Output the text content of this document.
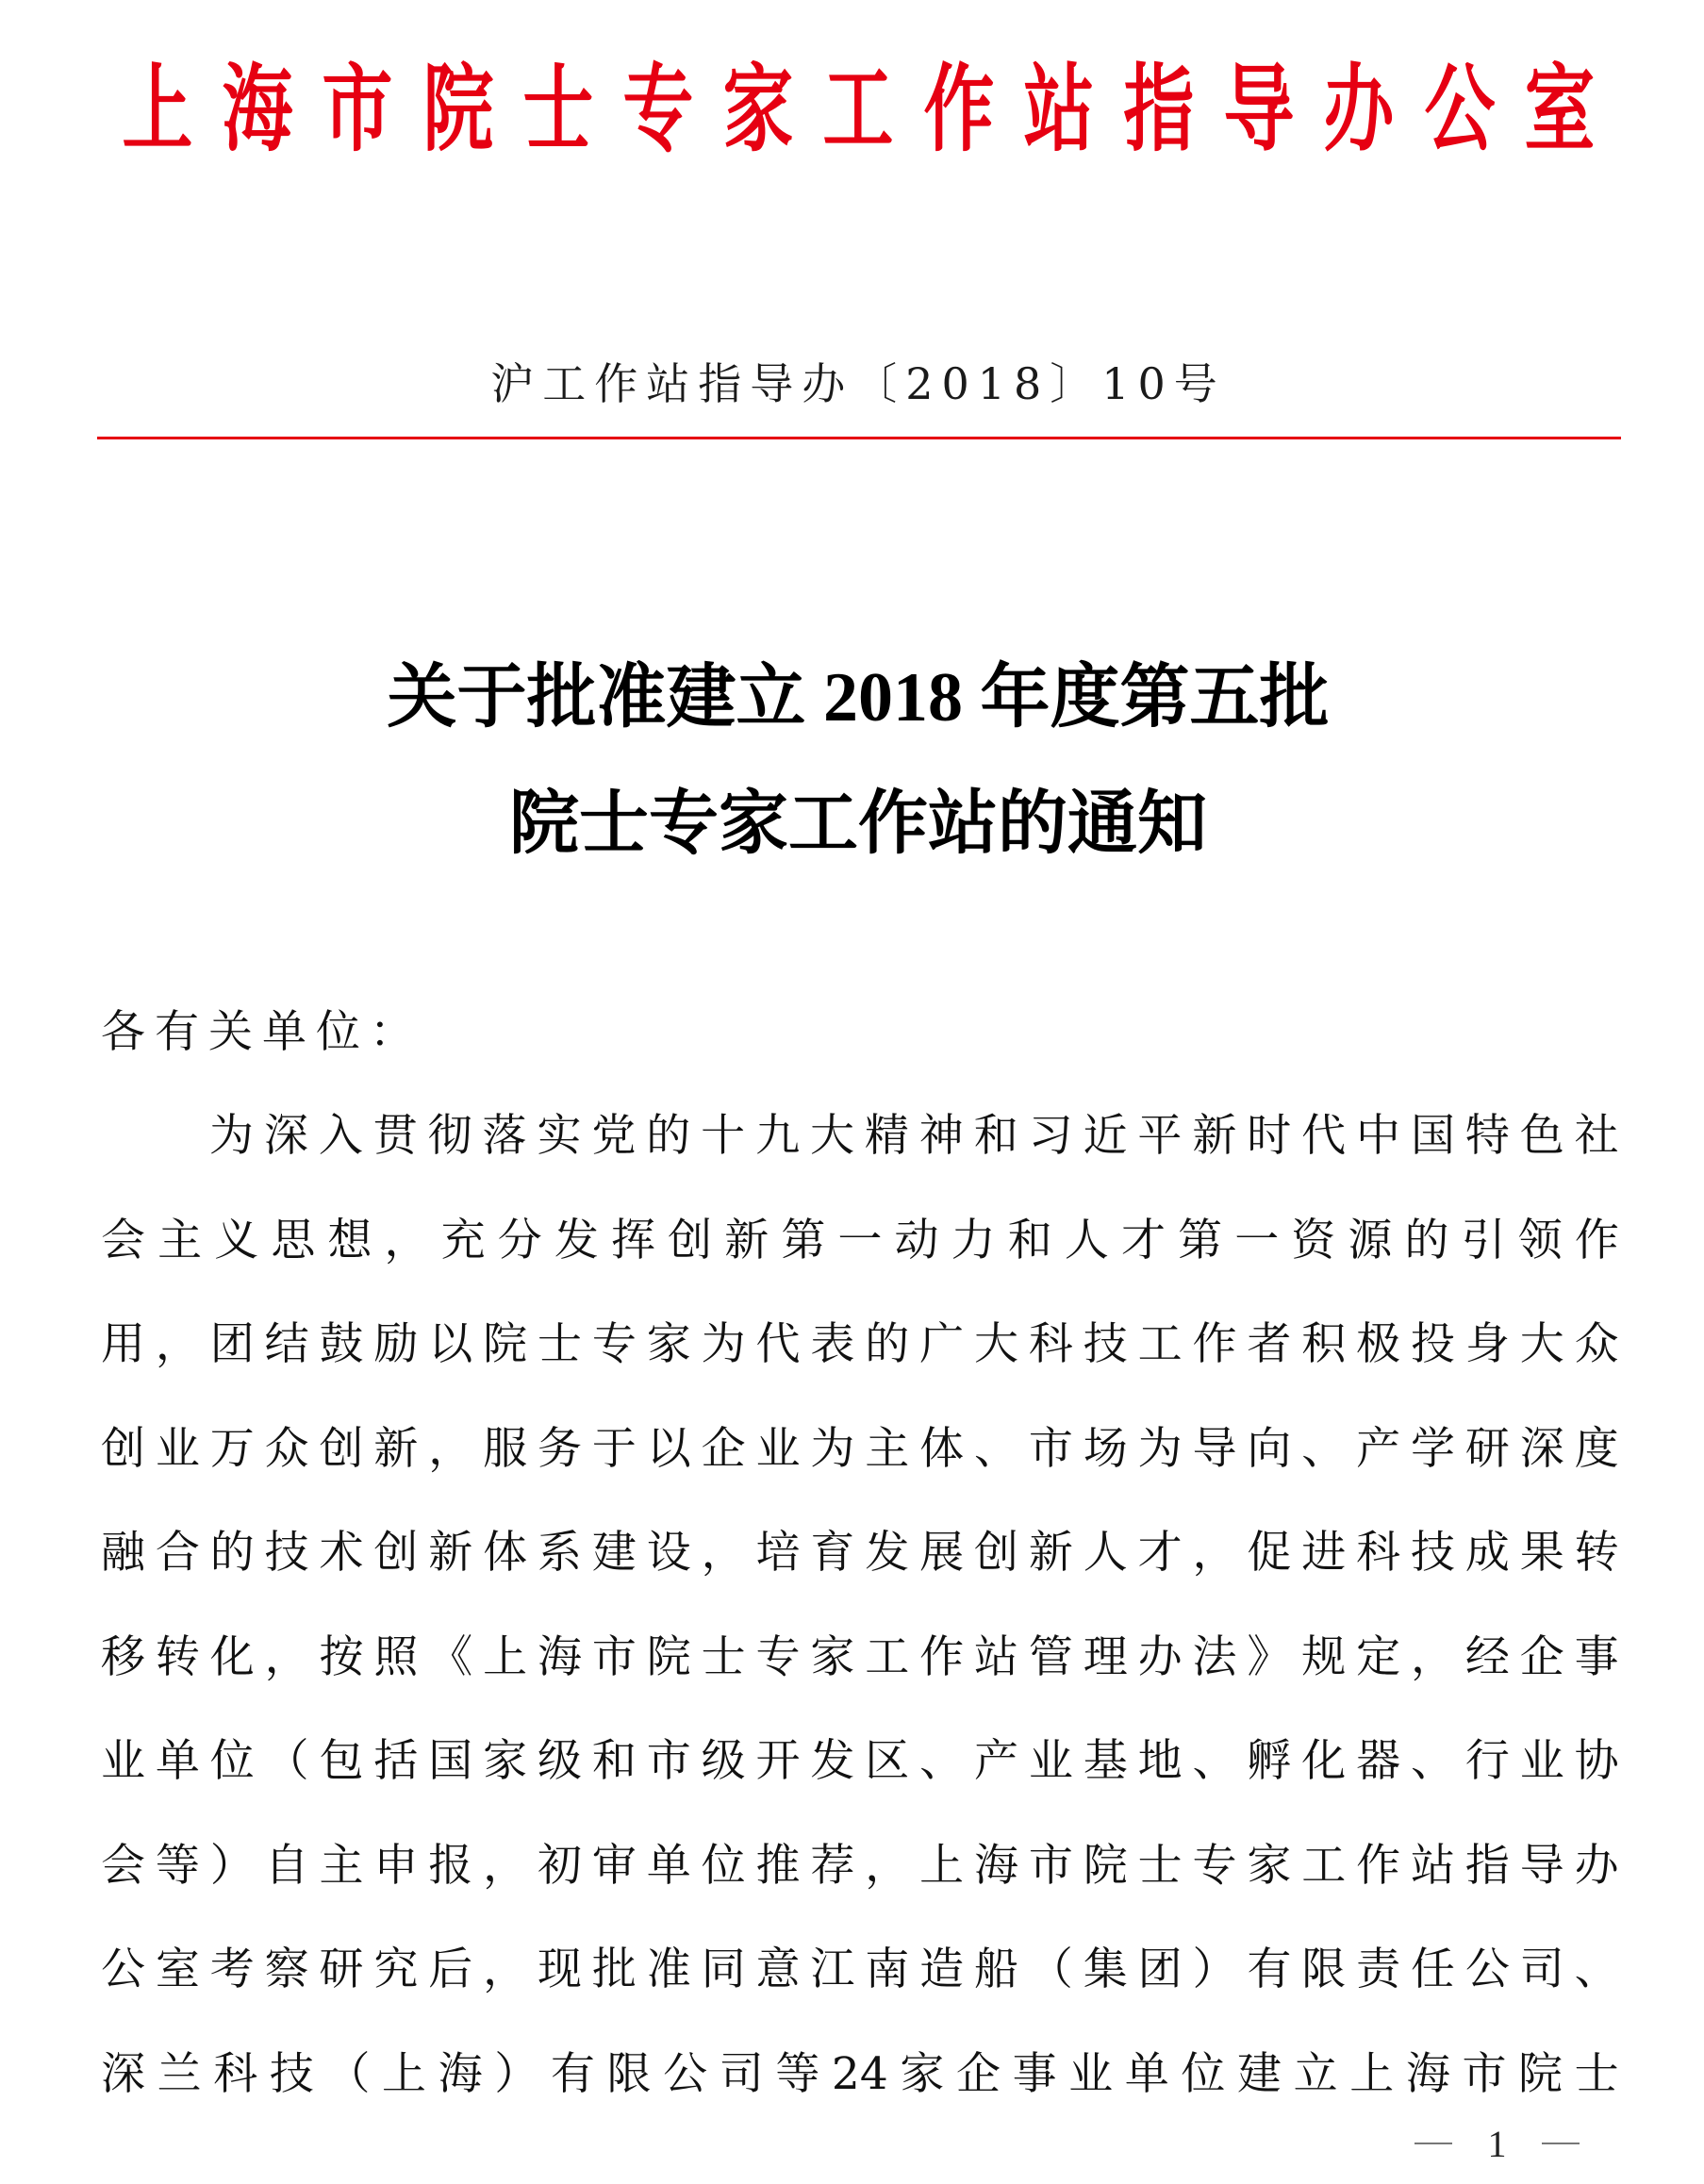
上 海 市 院 士 专 家 工 作 站 指 导 办 公 室
沪工作站指导办〔2018〕10号
关于批准建立 2018 年度第五批
院士专家工作站的通知
各有关单位：
为 深 入 贯 彻 落 实 党 的 十 九 大 精 神 和 习 近 平 新 时 代 中 国 特 色 社
会 主 义 思 想 ， 充 分 发 挥 创 新 第 一 动 力 和 人 才 第 一 资 源 的 引 领 作
用 ， 团 结 鼓 励 以 院 士 专 家 为 代 表 的 广 大 科 技 工 作 者 积 极 投 身 大 众
创 业 万 众 创 新 ， 服 务 于 以 企 业 为 主 体 、 市 场 为 导 向 、 产 学 研 深 度
融 合 的 技 术 创 新 体 系 建 设 ， 培 育 发 展 创 新 人 才 ， 促 进 科 技 成 果 转
移 转 化 ， 按 照 《 上 海 市 院 士 专 家 工 作 站 管 理 办 法 》 规 定 ， 经 企 事
业 单 位 （ 包 括 国 家 级 和 市 级 开 发 区 、 产 业 基 地 、 孵 化 器 、 行 业 协
会 等 ） 自 主 申 报 ， 初 审 单 位 推 荐 ， 上 海 市 院 士 专 家 工 作 站 指 导 办
公 室 考 察 研 究 后 ， 现 批 准 同 意 江 南 造 船 （ 集 团 ） 有 限 责 任 公 司 、
深 兰 科 技 （ 上 海 ） 有 限 公 司 等 24 家 企 事 业 单 位 建 立 上 海 市 院 士
1
